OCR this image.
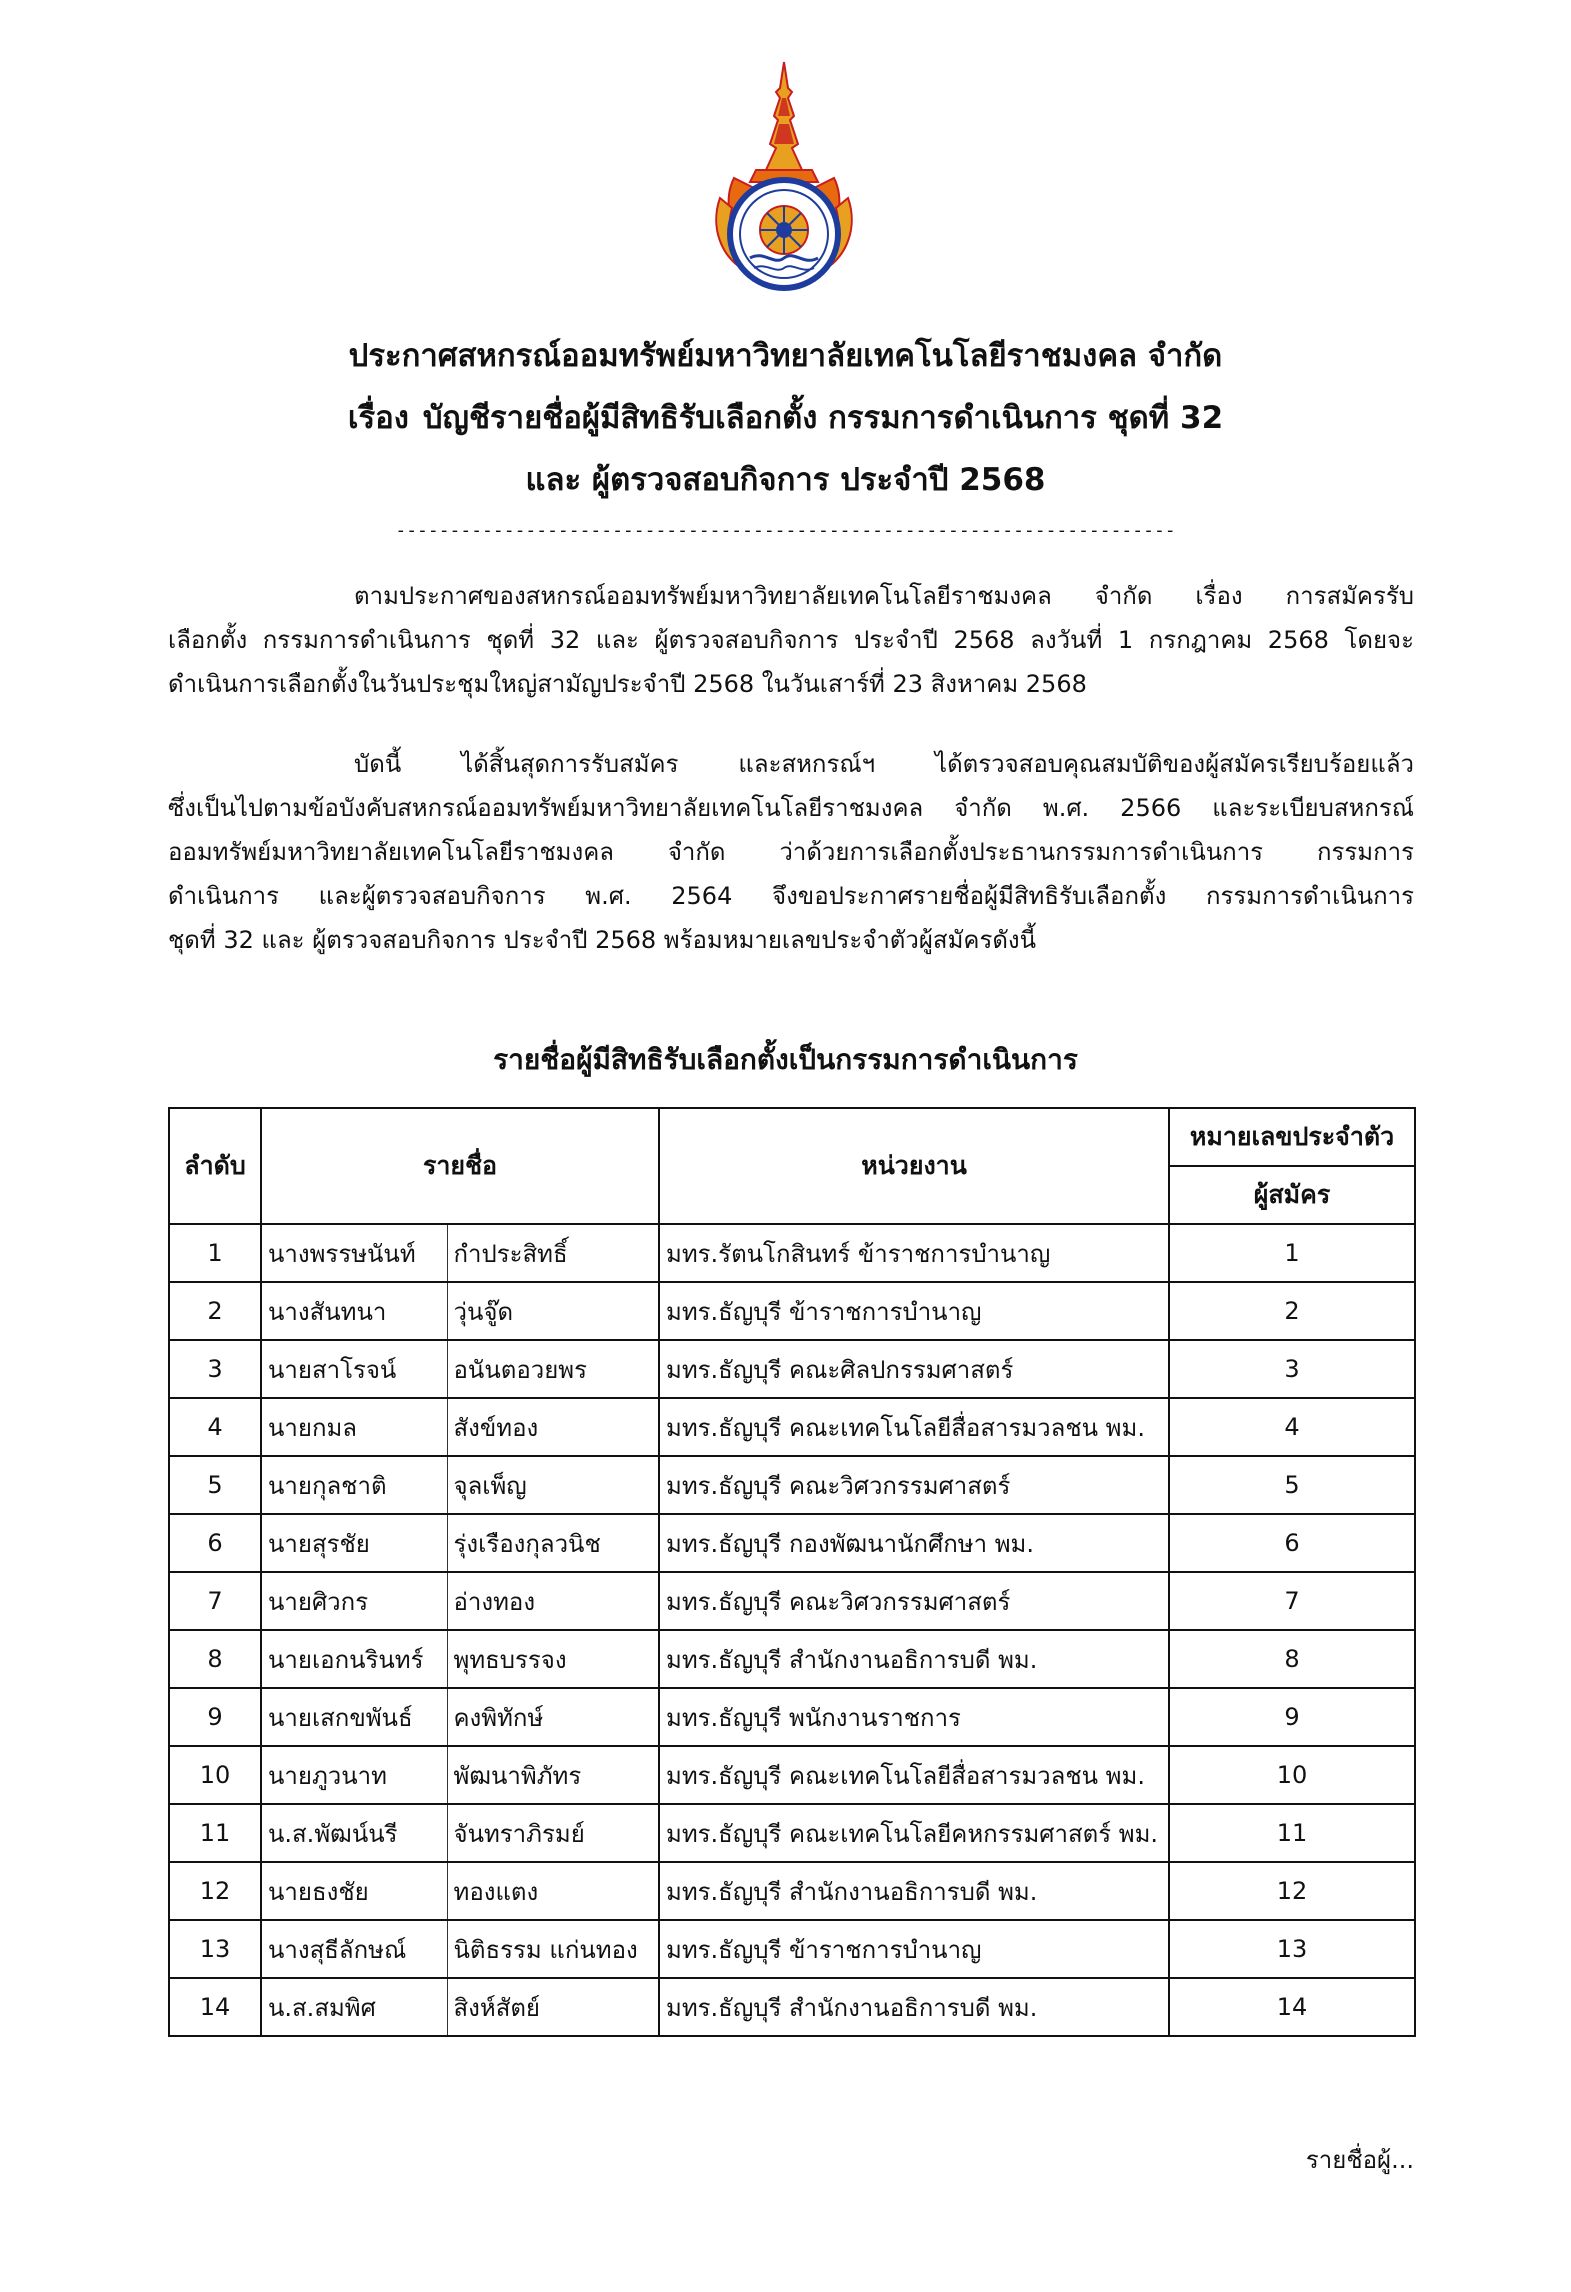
ประกาศสหกรณ์ออมทรัพย์มหาวิทยาลัยเทคโนโลยีราชมงคล จำกัด
เรื่อง บัญชีรายชื่อผู้มีสิทธิรับเลือกตั้ง กรรมการดำเนินการ ชุดที่ 32
และ ผู้ตรวจสอบกิจการ ประจำปี 2568
------------------------------------------------------------------------
ตามประกาศของสหกรณ์ออมทรัพย์มหาวิทยาลัยเทคโนโลยีราชมงคล จำกัด เรื่อง การสมัครรับ
เลือกตั้ง กรรมการดำเนินการ ชุดที่ 32 และ ผู้ตรวจสอบกิจการ ประจำปี 2568 ลงวันที่ 1 กรกฎาคม 2568 โดยจะ
ดำเนินการเลือกตั้งในวันประชุมใหญ่สามัญประจำปี 2568 ในวันเสาร์ที่ 23 สิงหาคม 2568
บัดนี้ ได้สิ้นสุดการรับสมัคร และสหกรณ์ฯ ได้ตรวจสอบคุณสมบัติของผู้สมัครเรียบร้อยแล้ว
ซึ่งเป็นไปตามข้อบังคับสหกรณ์ออมทรัพย์มหาวิทยาลัยเทคโนโลยีราชมงคล จำกัด พ.ศ. 2566 และระเบียบสหกรณ์
ออมทรัพย์มหาวิทยาลัยเทคโนโลยีราชมงคล จำกัด ว่าด้วยการเลือกตั้งประธานกรรมการดำเนินการ กรรมการ
ดำเนินการ และผู้ตรวจสอบกิจการ พ.ศ. 2564 จึงขอประกาศรายชื่อผู้มีสิทธิรับเลือกตั้ง กรรมการดำเนินการ
ชุดที่ 32 และ ผู้ตรวจสอบกิจการ ประจำปี 2568 พร้อมหมายเลขประจำตัวผู้สมัครดังนี้
รายชื่อผู้มีสิทธิรับเลือกตั้งเป็นกรรมการดำเนินการ
ลำดับ	รายชื่อ		หน่วยงาน	หมายเลขประจำตัว
				ผู้สมัคร
1	นางพรรษนันท์	กำประสิทธิ์	มทร.รัตนโกสินทร์ ข้าราชการบำนาญ	1
2	นางสันทนา	วุ่นจู๊ด	มทร.ธัญบุรี ข้าราชการบำนาญ	2
3	นายสาโรจน์	อนันตอวยพร	มทร.ธัญบุรี คณะศิลปกรรมศาสตร์	3
4	นายกมล	สังข์ทอง	มทร.ธัญบุรี คณะเทคโนโลยีสื่อสารมวลชน พม.	4
5	นายกุลชาติ	จุลเพ็ญ	มทร.ธัญบุรี คณะวิศวกรรมศาสตร์	5
6	นายสุรชัย	รุ่งเรืองกุลวนิช	มทร.ธัญบุรี กองพัฒนานักศึกษา พม.	6
7	นายศิวกร	อ่างทอง	มทร.ธัญบุรี คณะวิศวกรรมศาสตร์	7
8	นายเอกนรินทร์	พุทธบรรจง	มทร.ธัญบุรี สำนักงานอธิการบดี พม.	8
9	นายเสกขพันธ์	คงพิทักษ์	มทร.ธัญบุรี พนักงานราชการ	9
10	นายภูวนาท	พัฒนาพิภัทร	มทร.ธัญบุรี คณะเทคโนโลยีสื่อสารมวลชน พม.	10
11	น.ส.พัฒน์นรี	จันทราภิรมย์	มทร.ธัญบุรี คณะเทคโนโลยีคหกรรมศาสตร์ พม.	11
12	นายธงชัย	ทองแตง	มทร.ธัญบุรี สำนักงานอธิการบดี พม.	12
13	นางสุธีลักษณ์	นิติธรรม แก่นทอง	มทร.ธัญบุรี ข้าราชการบำนาญ	13
14	น.ส.สมพิศ	สิงห์สัตย์	มทร.ธัญบุรี สำนักงานอธิการบดี พม.	14
รายชื่อผู้...
